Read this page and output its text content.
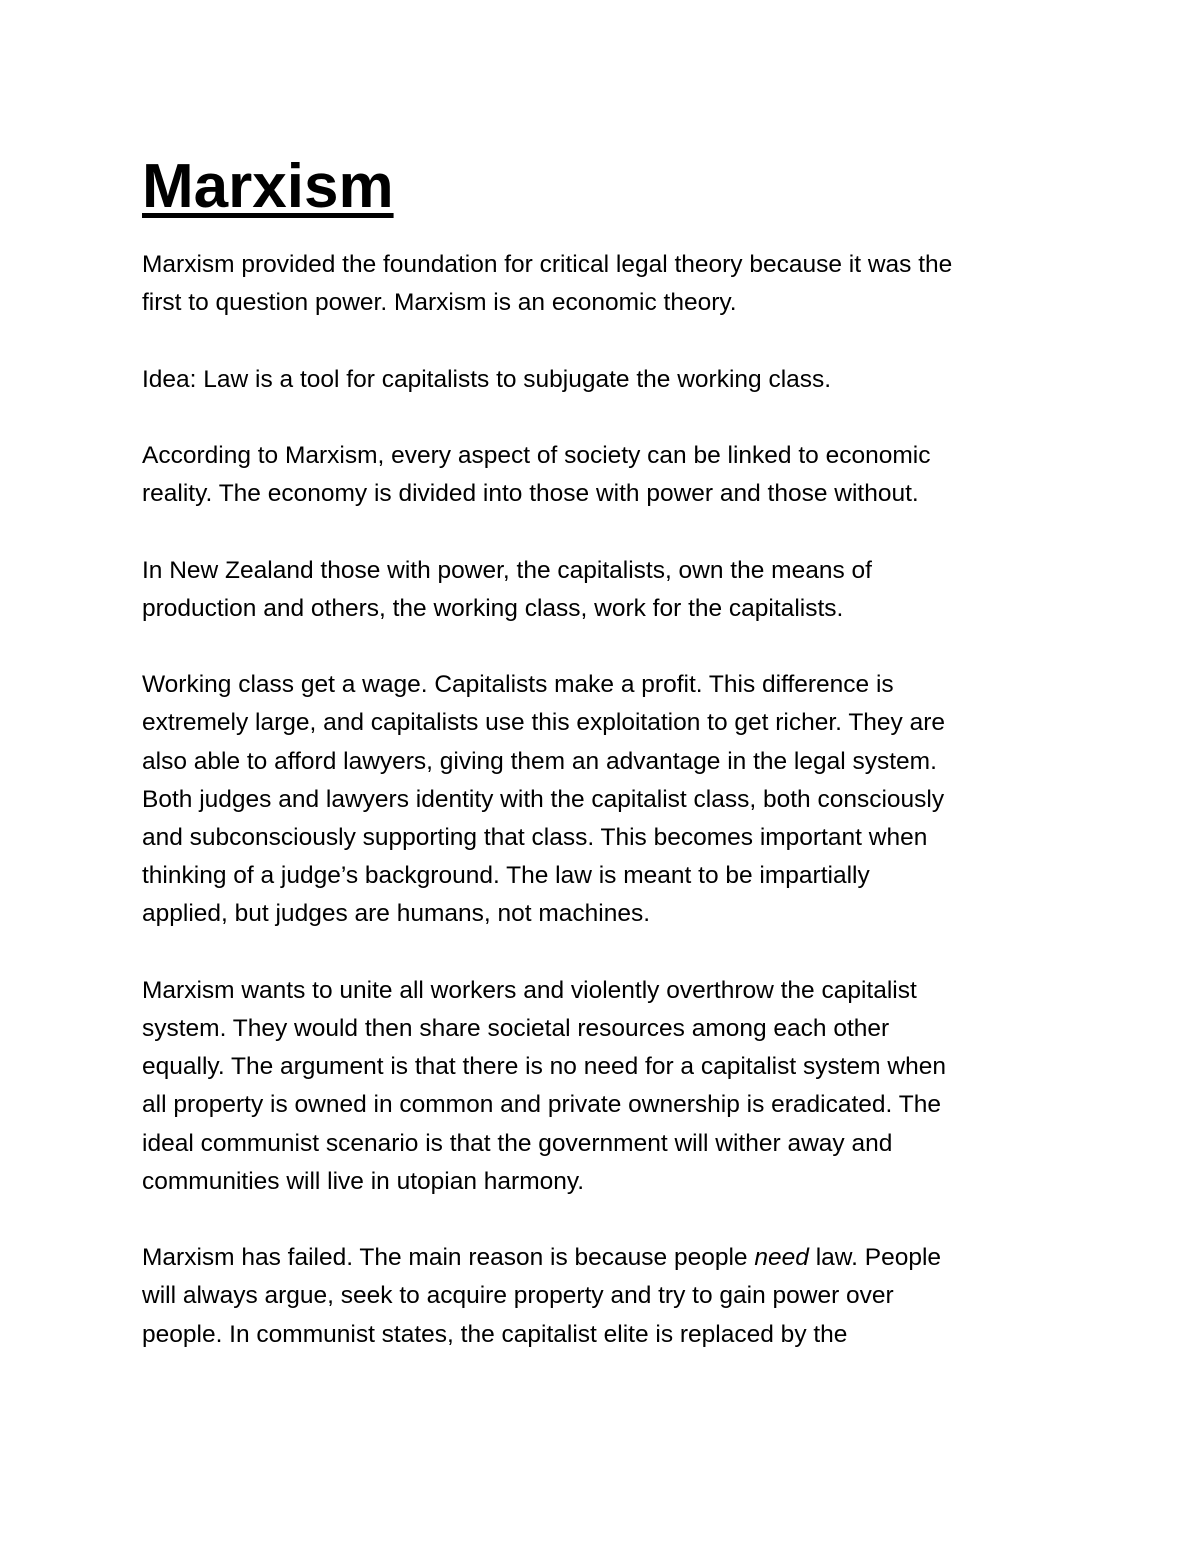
Marxism

Marxism provided the foundation for critical legal theory because it was the
first to question power. Marxism is an economic theory.

Idea: Law is a tool for capitalists to subjugate the working class.

According to Marxism, every aspect of society can be linked to economic
reality. The economy is divided into those with power and those without.

In New Zealand those with power, the capitalists, own the means of
production and others, the working class, work for the capitalists.

Working class get a wage. Capitalists make a profit. This difference is
extremely large, and capitalists use this exploitation to get richer. They are
also able to afford lawyers, giving them an advantage in the legal system.
Both judges and lawyers identity with the capitalist class, both consciously
and subconsciously supporting that class. This becomes important when
thinking of a judge’s background. The law is meant to be impartially
applied, but judges are humans, not machines.

Marxism wants to unite all workers and violently overthrow the capitalist
system. They would then share societal resources among each other
equally. The argument is that there is no need for a capitalist system when
all property is owned in common and private ownership is eradicated. The
ideal communist scenario is that the government will wither away and
communities will live in utopian harmony.

Marxism has failed. The main reason is because people need law. People
will always argue, seek to acquire property and try to gain power over
people. In communist states, the capitalist elite is replaced by the
